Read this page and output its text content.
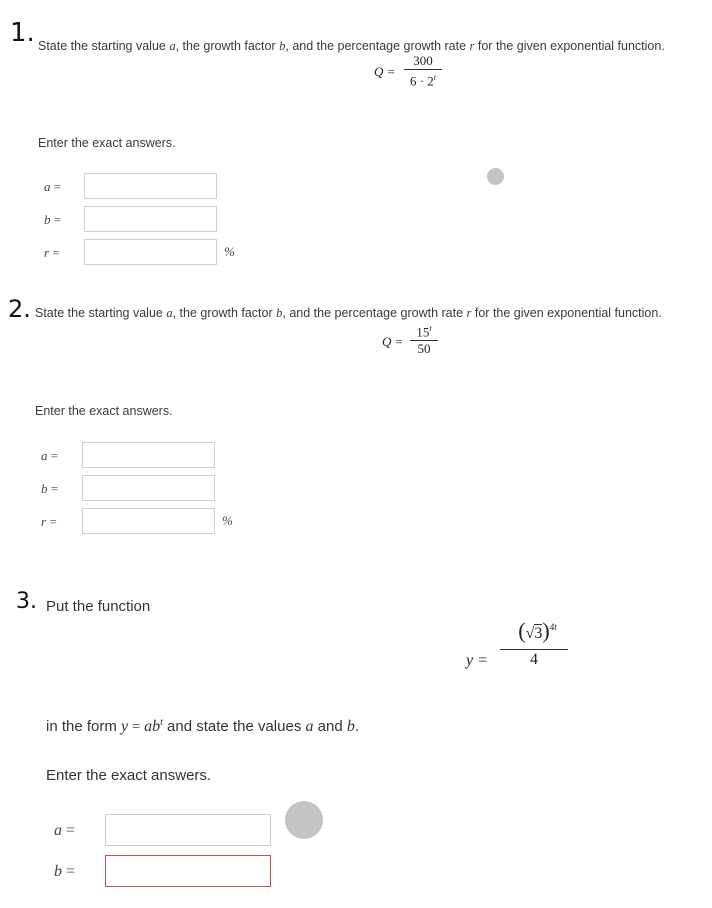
1. State the starting value a, the growth factor b, and the percentage growth rate r for the given exponential function.
Q =
300
$6 \cdot 2^t$
Enter the exact answers.
a =
b =
r =	%
2. State the starting value a, the growth factor b, and the percentage growth rate r for the given exponential function.
Q =
$15^t$
50
Enter the exact answers.
a =
b =
r =	%
3. Put the function
y =
(√3) 4t
4
in the form $y = ab^t$ and state the values a and b.
Enter the exact answers.
a =
b =
